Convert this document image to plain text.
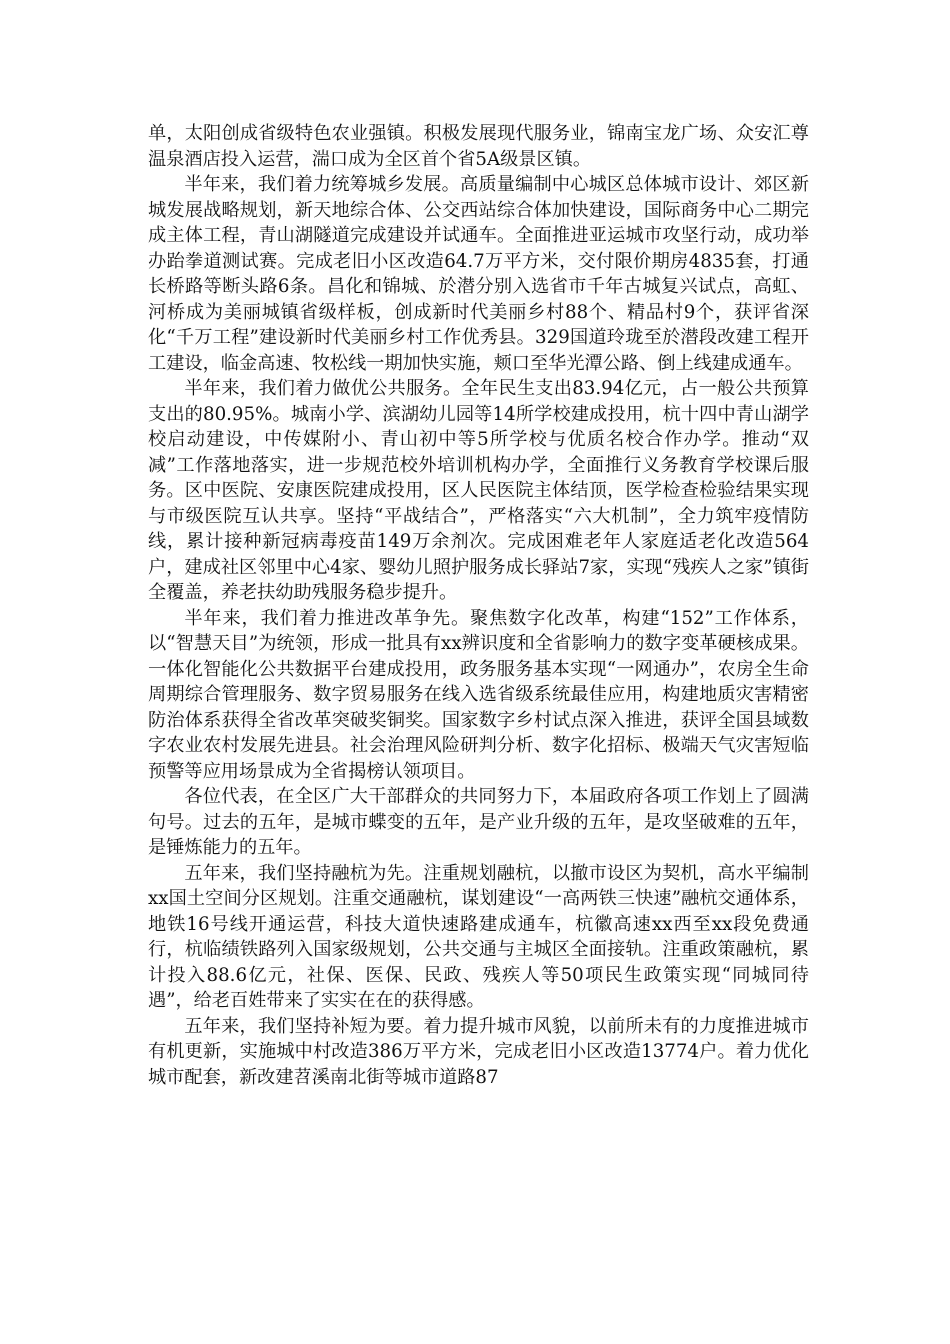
单，太阳创成省级特色农业强镇。积极发展现代服务业，锦南宝龙广场、众安汇尊温泉酒店投入运营，湍口成为全区首个省5A级景区镇。

半年来，我们着力统筹城乡发展。高质量编制中心城区总体城市设计、郊区新城发展战略规划，新天地综合体、公交西站综合体加快建设，国际商务中心二期完成主体工程，青山湖隧道完成建设并试通车。全面推进亚运城市攻坚行动，成功举办跆拳道测试赛。完成老旧小区改造64.7万平方米，交付限价期房4835套，打通长桥路等断头路6条。昌化和锦城、於潜分别入选省市千年古城复兴试点，高虹、河桥成为美丽城镇省级样板，创成新时代美丽乡村88个、精品村9个，获评省深化“千万工程”建设新时代美丽乡村工作优秀县。329国道玲珑至於潜段改建工程开工建设，临金高速、牧松线一期加快实施，颊口至华光潭公路、倒上线建成通车。

半年来，我们着力做优公共服务。全年民生支出83.94亿元，占一般公共预算支出的80.95%。城南小学、滨湖幼儿园等14所学校建成投用，杭十四中青山湖学校启动建设，中传媒附小、青山初中等5所学校与优质名校合作办学。推动“双减”工作落地落实，进一步规范校外培训机构办学，全面推行义务教育学校课后服务。区中医院、安康医院建成投用，区人民医院主体结顶，医学检查检验结果实现与市级医院互认共享。坚持“平战结合”，严格落实“六大机制”，全力筑牢疫情防线，累计接种新冠病毒疫苗149万余剂次。完成困难老年人家庭适老化改造564户，建成社区邻里中心4家、婴幼儿照护服务成长驿站7家，实现“残疾人之家”镇街全覆盖，养老扶幼助残服务稳步提升。

半年来，我们着力推进改革争先。聚焦数字化改革，构建“152”工作体系，以“智慧天目”为统领，形成一批具有xx辨识度和全省影响力的数字变革硬核成果。一体化智能化公共数据平台建成投用，政务服务基本实现“一网通办”，农房全生命周期综合管理服务、数字贸易服务在线入选省级系统最佳应用，构建地质灾害精密防治体系获得全省改革突破奖铜奖。国家数字乡村试点深入推进，获评全国县域数字农业农村发展先进县。社会治理风险研判分析、数字化招标、极端天气灾害短临预警等应用场景成为全省揭榜认领项目。

各位代表，在全区广大干部群众的共同努力下，本届政府各项工作划上了圆满句号。过去的五年，是城市蝶变的五年，是产业升级的五年，是攻坚破难的五年，是锤炼能力的五年。

五年来，我们坚持融杭为先。注重规划融杭，以撤市设区为契机，高水平编制xx国土空间分区规划。注重交通融杭，谋划建设“一高两铁三快速”融杭交通体系，地铁16号线开通运营，科技大道快速路建成通车，杭徽高速xx西至xx段免费通行，杭临绩铁路列入国家级规划，公共交通与主城区全面接轨。注重政策融杭，累计投入88.6亿元，社保、医保、民政、残疾人等50项民生政策实现“同城同待遇”，给老百姓带来了实实在在的获得感。

五年来，我们坚持补短为要。着力提升城市风貌，以前所未有的力度推进城市有机更新，实施城中村改造386万平方米，完成老旧小区改造13774户。着力优化城市配套，新改建苕溪南北街等城市道路87
